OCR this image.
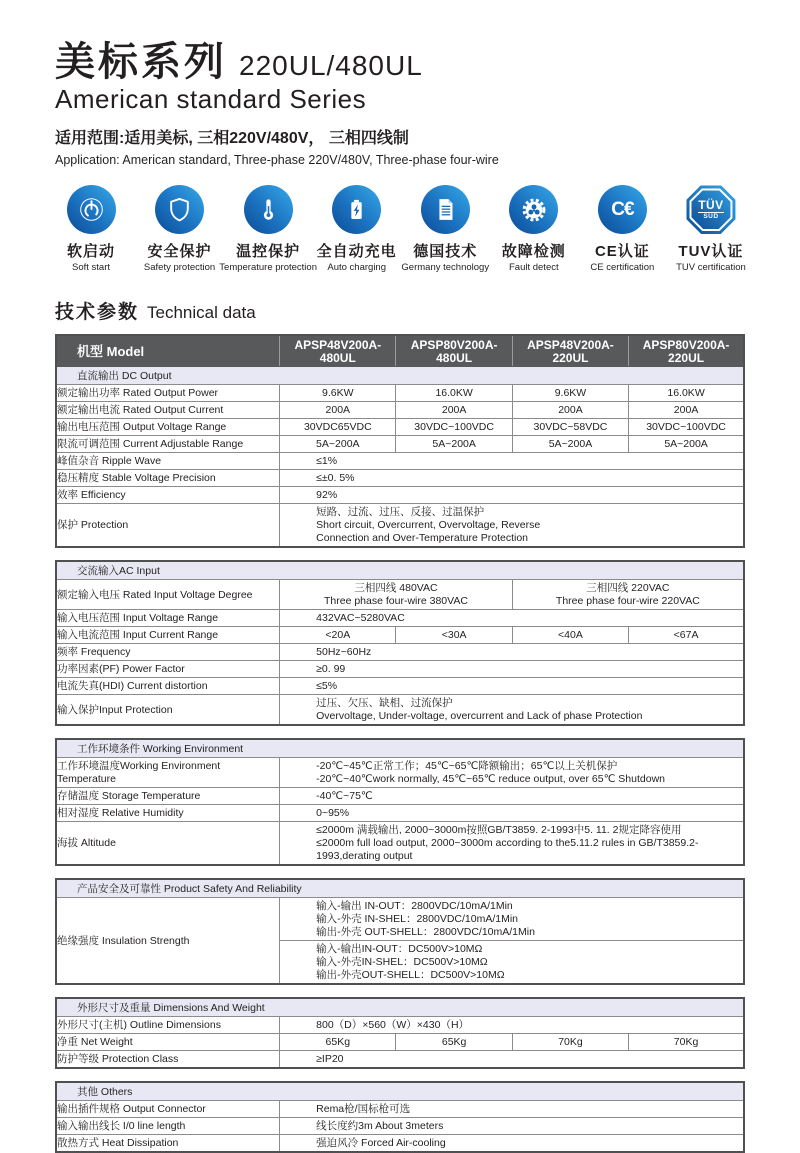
美标系列 220UL/480UL
American standard Series
适用范围:适用美标, 三相220V/480V， 三相四线制
Application: American standard, Three-phase 220V/480V, Three-phase four-wire
软启动
Soft start
安全保护
Safety protection
温控保护
Temperature protection
全自动充电
Auto charging
德国技术
Germany technology
故障检测
Fault detect
C€
CE认证
CE certification
TÜV
SÜD
TUV认证
TUV certification
技术参数 Technical data
机型 Model	APSP48V200A-480UL	APSP80V200A-480UL	APSP48V200A-220UL	APSP80V200A-220UL
直流输出 DC Output				
额定输出功率 Rated Output Power	9.6KW	16.0KW	9.6KW	16.0KW
额定输出电流 Rated Output Current	200A	200A	200A	200A
输出电压范围 Output Voltage Range	30VDC65VDC	30VDC~100VDC	30VDC~58VDC	30VDC~100VDC
限流可调范围 Current Adjustable Range	5A~200A	5A~200A	5A~200A	5A~200A
峰值杂音 Ripple Wave	≤1%			
稳压精度 Stable Voltage Precision	≤±0. 5%			
效率 Efficiency	92%			
保护 Protection	短路、过流、过压、反接、过温保护
Short circuit, Overcurrent, Overvoltage, Reverse
Connection and Over-Temperature Protection			
交流输入AC Input				
额定输入电压 Rated Input Voltage Degree	三相四线 480VAC
Three phase four-wire 380VAC		三相四线 220VAC
Three phase four-wire 220VAC	
输入电压范围 Input Voltage Range	432VAC~5280VAC			
输入电流范围 Input Current Range	<20A	<30A	<40A	<67A
频率 Frequency	50Hz~60Hz			
功率因素(PF) Power Factor	≥0. 99			
电流失真(HDI) Current distortion	≤5%			
输入保护Input Protection	过压、欠压、缺相、过流保护
Overvoltage, Under-voltage, overcurrent and Lack of phase Protection			
工作环境条件 Working Environment	
工作环境温度Working Environment Temperature	-20℃~45℃正常工作；45℃~65℃降额输出；65℃以上关机保护
-20℃~40℃work normally, 45℃~65℃ reduce output, over 65℃ Shutdown
存储温度 Storage Temperature	-40℃~75℃
相对湿度 Relative Humidity	0~95%
海拔 Altitude	≤2000m 满载输出, 2000~3000m按照GB/T3859. 2-1993中5. 11. 2规定降容使用
≤2000m full load output, 2000~3000m according to the5.11.2 rules in GB/T3859.2-
1993,derating output
产品安全及可靠性 Product Safety And Reliability
绝缘强度 Insulation Strength	输入-输出 IN-OUT：2800VDC/10mA/1Min
输入-外壳 IN-SHEL：2800VDC/10mA/1Min
输出-外壳 OUT-SHELL：2800VDC/10mA/1Min
输入-输出IN-OUT：DC500V>10MΩ
输入-外壳IN-SHEL：DC500V>10MΩ
输出-外壳OUT-SHELL：DC500V>10MΩ
外形尺寸及重量 Dimensions And Weight				
外形尺寸(主机) Outline Dimensions	800（D）×560（W）×430（H）			
净重 Net Weight	65Kg	65Kg	70Kg	70Kg
防护等级 Protection Class	≥IP20			
其他 Others	
输出插件规格 Output Connector	Rema枪/国标枪可选
输入输出线长 I/0 line length	线长度约3m About 3meters
散热方式 Heat Dissipation	强迫风冷 Forced Air-cooling
